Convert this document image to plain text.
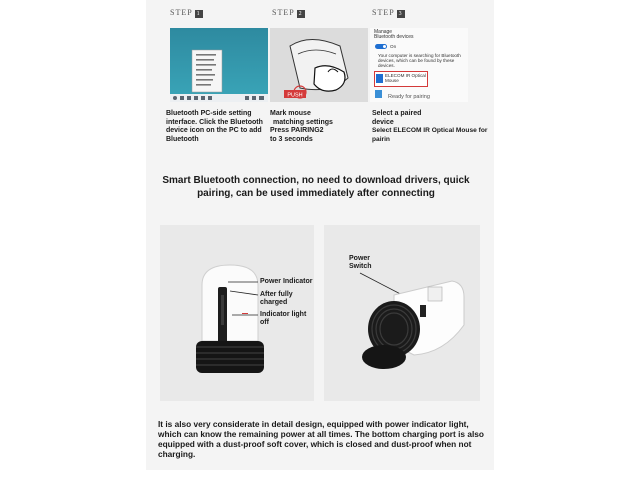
STEP 1
Bluetooth PC-side setting interface. Click the Bluetooth device icon on the PC to add Bluetooth
STEP 2
PUSH
Mark mouse
matching settings
Press PAIRING2
to 3 seconds
STEP 3
Manage Bluetooth devices
On
Your computer is searching for Bluetooth devices, which can be found by these devices.
ELECOM IR Optical Mouse
Ready for pairing
Select a paired
device
Select ELECOM IR Optical Mouse for pairin
Smart Bluetooth connection, no need to download drivers, quick
pairing, can be used immediately after connecting
Power Indicator
After fully
charged
Indicator light off
Power
Switch
It is also very considerate in detail design, equipped with power indicator light, which can know the remaining power at all times. The bottom charging port is also equipped with a dust-proof soft cover, which is closed and dust-proof when not charging.
